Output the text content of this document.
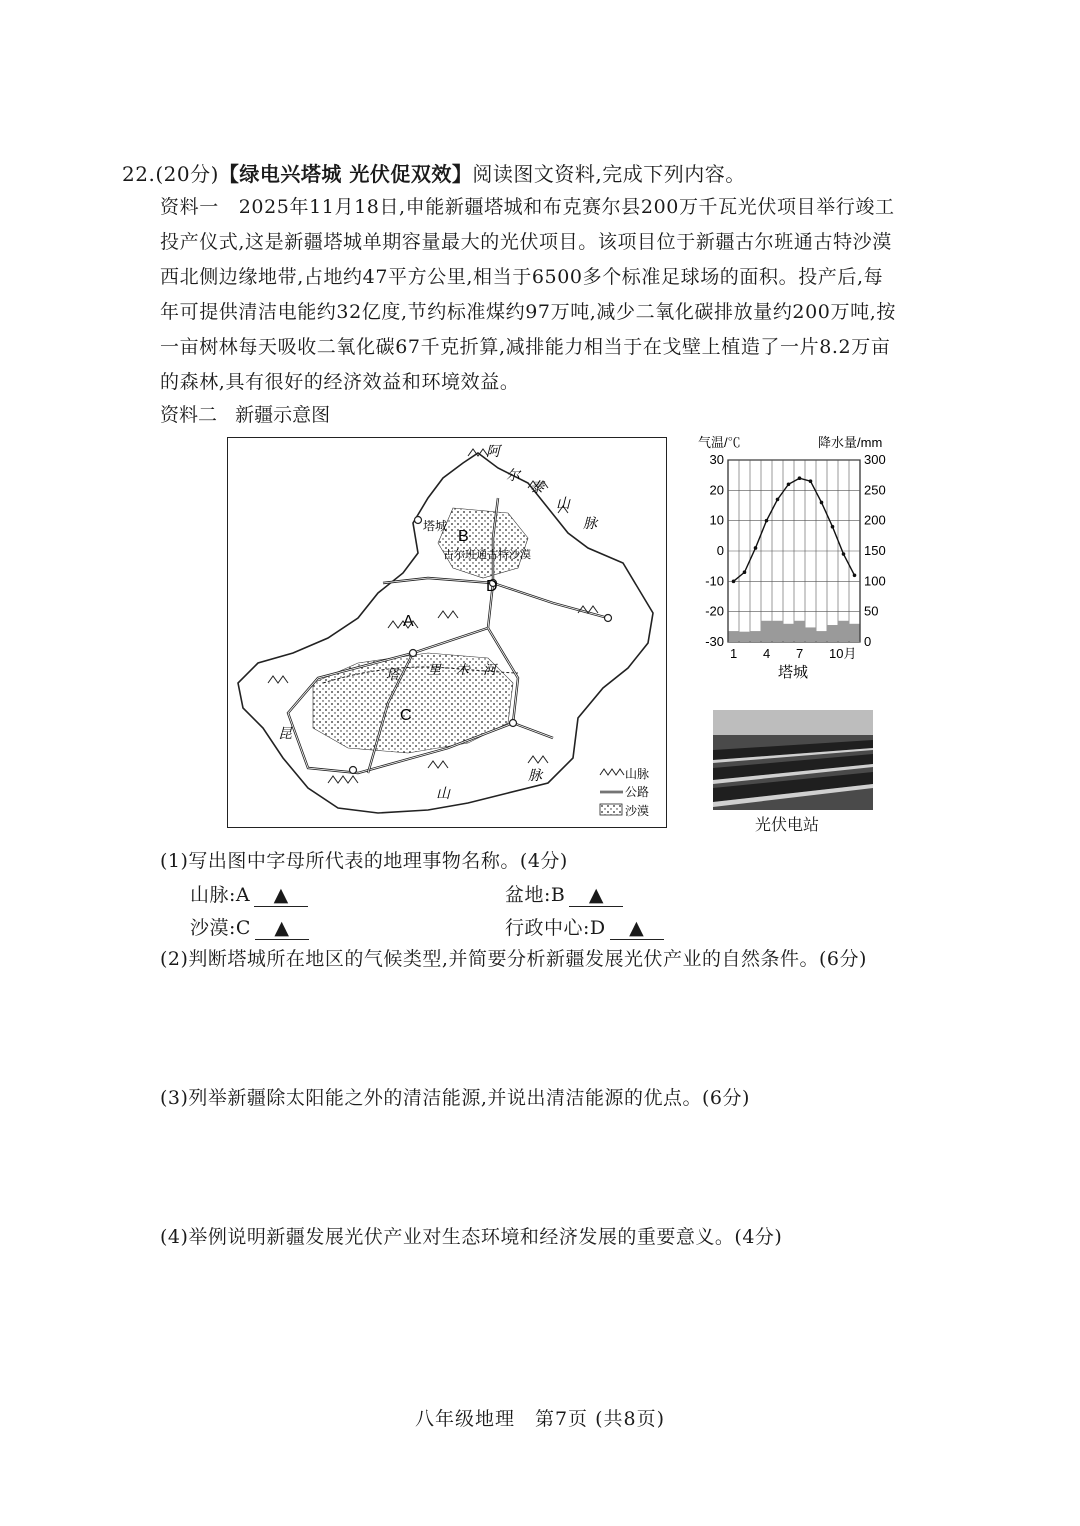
22.(20分)【绿电兴塔城 光伏促双效】阅读图文资料,完成下列内容。
资料一 2025年11月18日,申能新疆塔城和布克赛尔县200万千瓦光伏项目举行竣工
投产仪式,这是新疆塔城单期容量最大的光伏项目。该项目位于新疆古尔班通古特沙漠
西北侧边缘地带,占地约47平方公里,相当于6500多个标准足球场的面积。投产后,每
年可提供清洁电能约32亿度,节约标准煤约97万吨,减少二氧化碳排放量约200万吨,按
一亩树林每天吸收二氧化碳67千克折算,减排能力相当于在戈壁上植造了一片8.2万亩
的森林,具有很好的经济效益和环境效益。
资料二 新疆示意图
A
B
C
D
塔城
古尔班通古特沙漠
阿
尔
泰
山
脉
塔 里 木 河
昆
山
脉	山脉
公路
沙漠
气温/℃	降水量/mm
30
20
10
0
-10
-20
-30
300
250
200
150
100
50
0
1 4 7 10月
塔城
光伏电站
(1)写出图中字母所代表的地理事物名称。(4分)
山脉:A ▲	盆地:B ▲
沙漠:C ▲	行政中心:D ▲
(2)判断塔城所在地区的气候类型,并简要分析新疆发展光伏产业的自然条件。(6分)
(3)列举新疆除太阳能之外的清洁能源,并说出清洁能源的优点。(6分)
(4)举例说明新疆发展光伏产业对生态环境和经济发展的重要意义。(4分)
八年级地理　第7页 (共8页)
